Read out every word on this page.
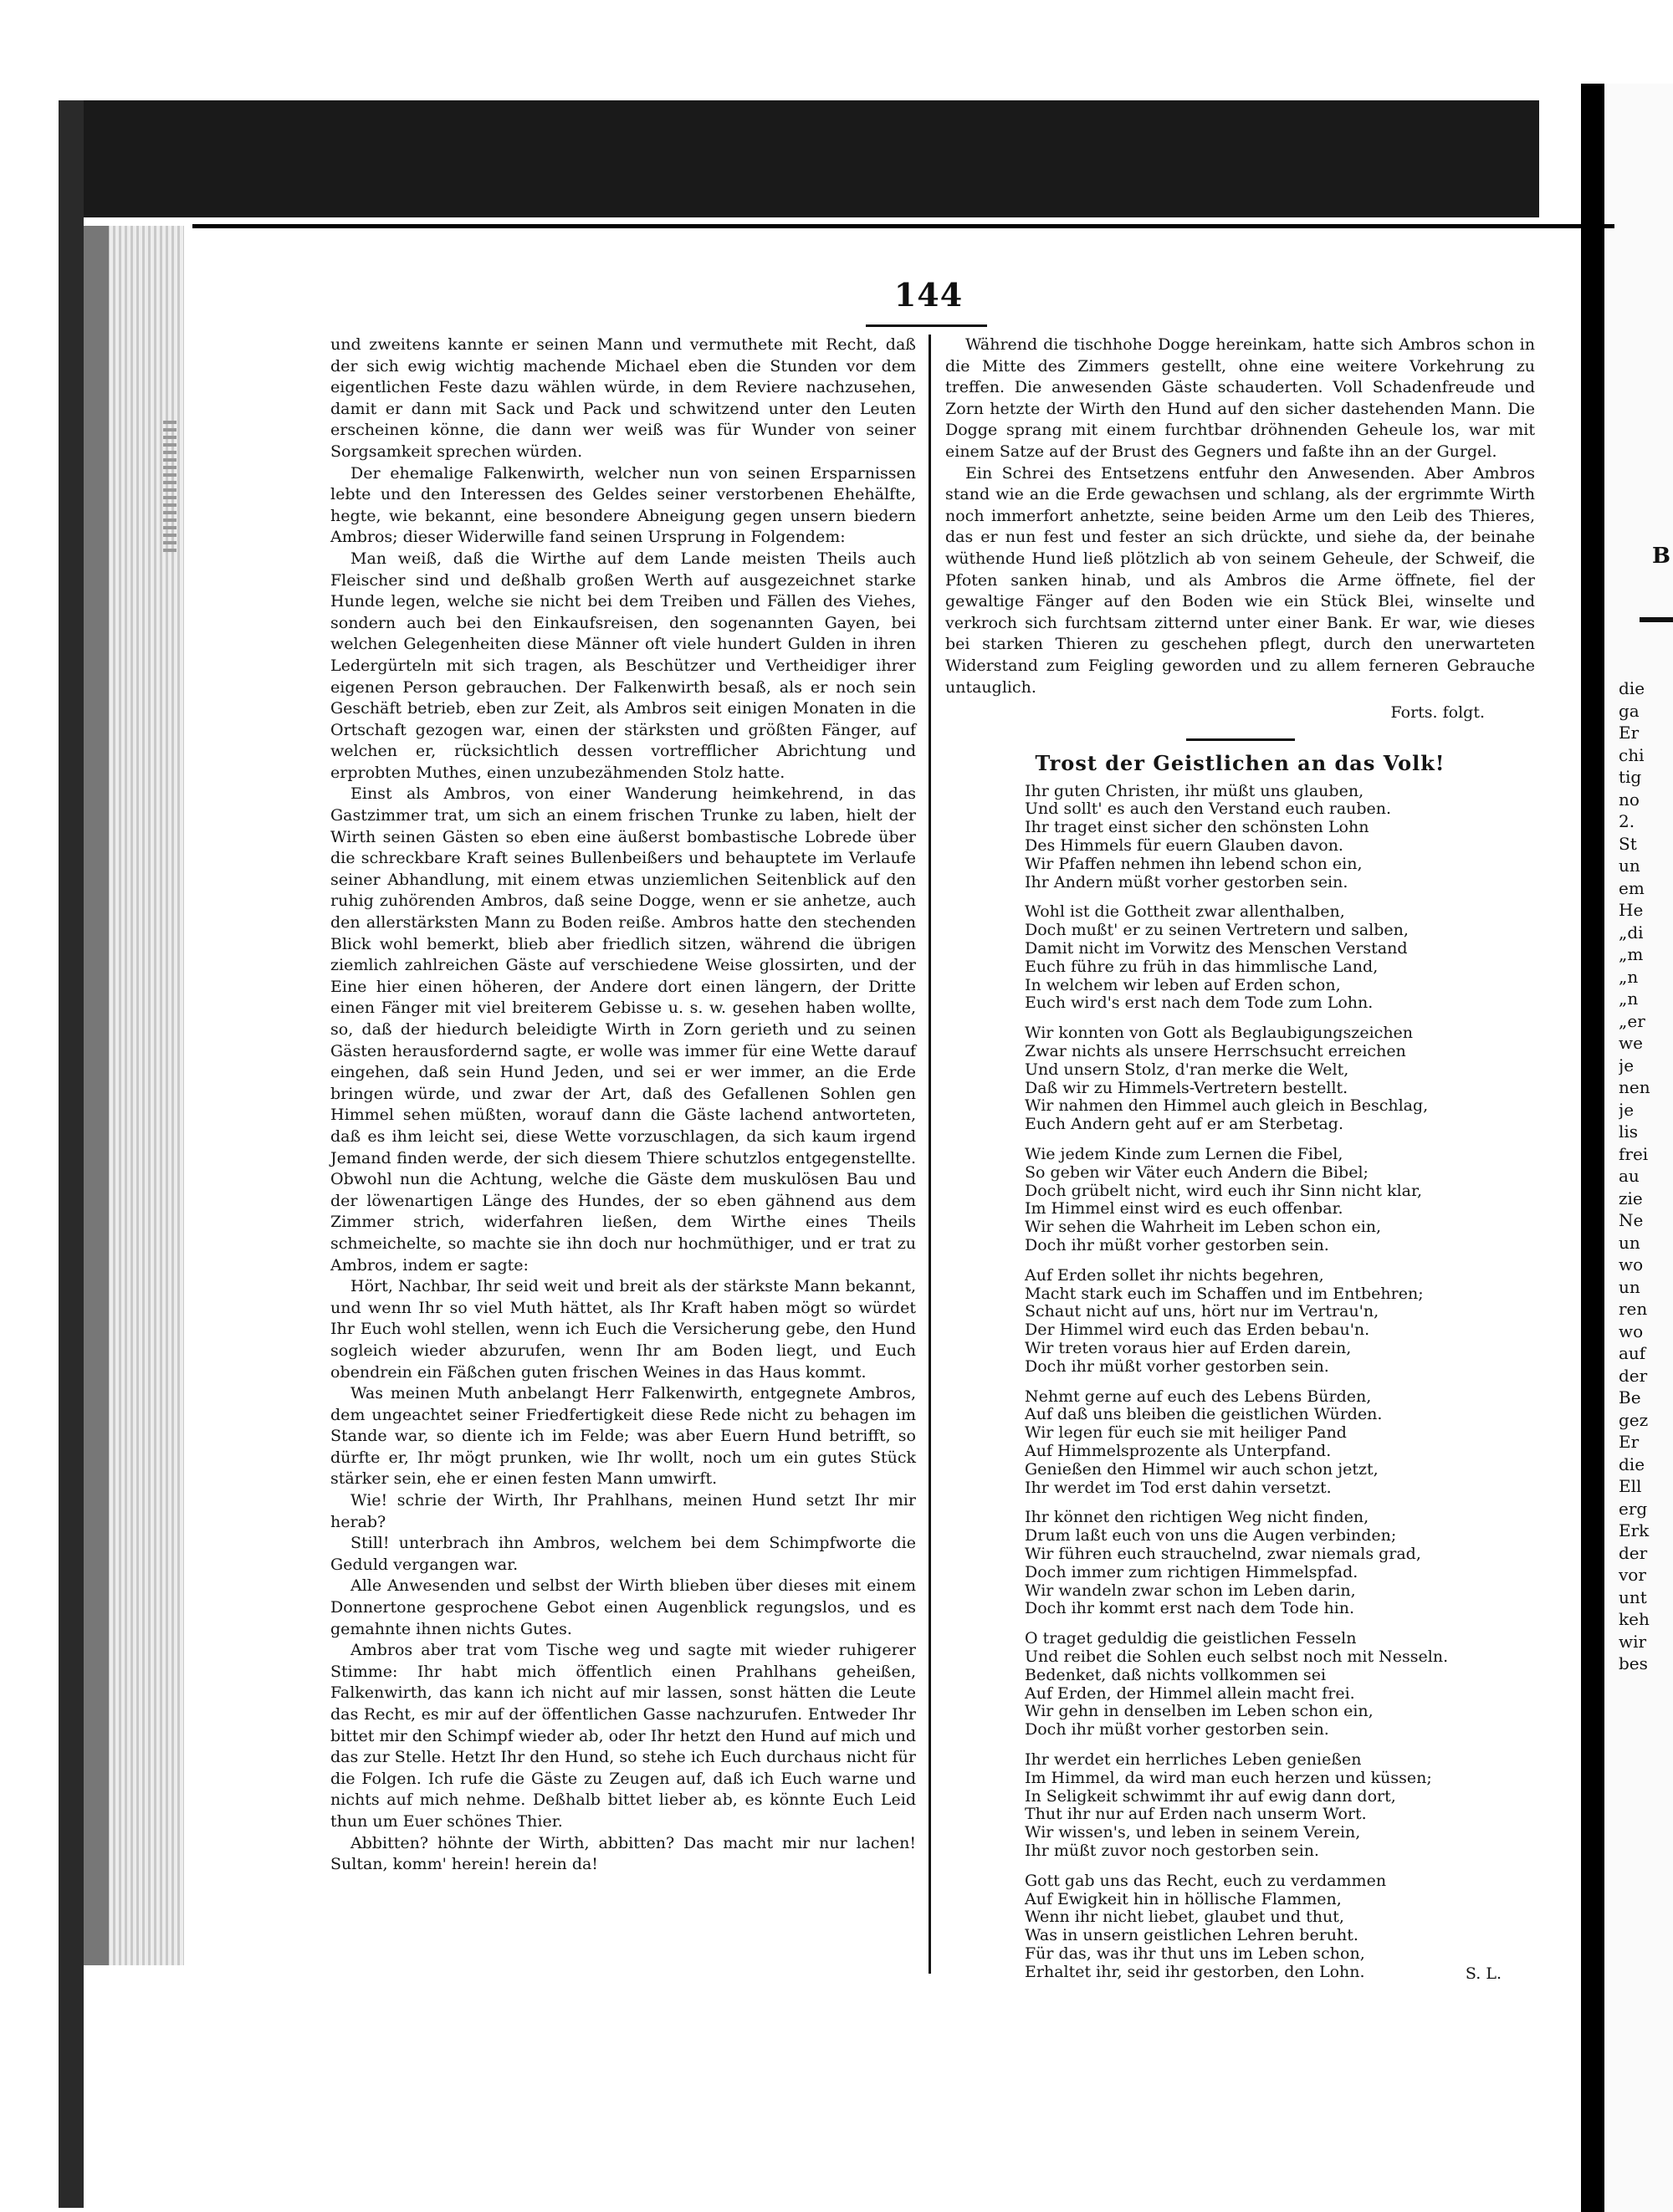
144

und zweitens kannte er seinen Mann und vermuthete mit Recht, daß der sich ewig wichtig machende Michael eben die Stunden vor dem eigentlichen Feste dazu wählen würde, in dem Reviere nachzusehen, damit er dann mit Sack und Pack und schwitzend unter den Leuten erscheinen könne, die dann wer weiß was für Wunder von seiner Sorgsamkeit sprechen würden.

Der ehemalige Falkenwirth, welcher nun von seinen Ersparnissen lebte und den Interessen des Geldes seiner verstorbenen Ehehälfte, hegte, wie bekannt, eine besondere Abneigung gegen unsern biedern Ambros; dieser Widerwille fand seinen Ursprung in Folgendem:

Man weiß, daß die Wirthe auf dem Lande meisten Theils auch Fleischer sind und deßhalb großen Werth auf ausgezeichnet starke Hunde legen, welche sie nicht bei dem Treiben und Fällen des Viehes, sondern auch bei den Einkaufsreisen, den sogenannten Gayen, bei welchen Gelegenheiten diese Männer oft viele hundert Gulden in ihren Ledergürteln mit sich tragen, als Beschützer und Vertheidiger ihrer eigenen Person gebrauchen. Der Falkenwirth besaß, als er noch sein Geschäft betrieb, eben zur Zeit, als Ambros seit einigen Monaten in die Ortschaft gezogen war, einen der stärksten und größten Fänger, auf welchen er, rücksichtlich dessen vortrefflicher Abrichtung und erprobten Muthes, einen unzubezähmenden Stolz hatte.

Einst als Ambros, von einer Wanderung heimkehrend, in das Gastzimmer trat, um sich an einem frischen Trunke zu laben, hielt der Wirth seinen Gästen so eben eine äußerst bombastische Lobrede über die schreckbare Kraft seines Bullenbeißers und behauptete im Verlaufe seiner Abhandlung, mit einem etwas unziemlichen Seitenblick auf den ruhig zuhörenden Ambros, daß seine Dogge, wenn er sie anhetze, auch den allerstärksten Mann zu Boden reiße. Ambros hatte den stechenden Blick wohl bemerkt, blieb aber friedlich sitzen, während die übrigen ziemlich zahlreichen Gäste auf verschiedene Weise glossirten, und der Eine hier einen höheren, der Andere dort einen längern, der Dritte einen Fänger mit viel breiterem Gebisse u. s. w. gesehen haben wollte, so, daß der hiedurch beleidigte Wirth in Zorn gerieth und zu seinen Gästen herausfordernd sagte, er wolle was immer für eine Wette darauf eingehen, daß sein Hund Jeden, und sei er wer immer, an die Erde bringen würde, und zwar der Art, daß des Gefallenen Sohlen gen Himmel sehen müßten, worauf dann die Gäste lachend antworteten, daß es ihm leicht sei, diese Wette vorzuschlagen, da sich kaum irgend Jemand finden werde, der sich diesem Thiere schutzlos entgegenstellte. Obwohl nun die Achtung, welche die Gäste dem muskulösen Bau und der löwenartigen Länge des Hundes, der so eben gähnend aus dem Zimmer strich, widerfahren ließen, dem Wirthe eines Theils schmeichelte, so machte sie ihn doch nur hochmüthiger, und er trat zu Ambros, indem er sagte:

Hört, Nachbar, Ihr seid weit und breit als der stärkste Mann bekannt, und wenn Ihr so viel Muth hättet, als Ihr Kraft haben mögt so würdet Ihr Euch wohl stellen, wenn ich Euch die Versicherung gebe, den Hund sogleich wieder abzurufen, wenn Ihr am Boden liegt, und Euch obendrein ein Fäßchen guten frischen Weines in das Haus kommt.

Was meinen Muth anbelangt Herr Falkenwirth, entgegnete Ambros, dem ungeachtet seiner Friedfertigkeit diese Rede nicht zu behagen im Stande war, so diente ich im Felde; was aber Euern Hund betrifft, so dürfte er, Ihr mögt prunken, wie Ihr wollt, noch um ein gutes Stück stärker sein, ehe er einen festen Mann umwirft.

Wie! schrie der Wirth, Ihr Prahlhans, meinen Hund setzt Ihr mir herab?

Still! unterbrach ihn Ambros, welchem bei dem Schimpfworte die Geduld vergangen war.

Alle Anwesenden und selbst der Wirth blieben über dieses mit einem Donnertone gesprochene Gebot einen Augenblick regungslos, und es gemahnte ihnen nichts Gutes.

Ambros aber trat vom Tische weg und sagte mit wieder ruhigerer Stimme: Ihr habt mich öffentlich einen Prahlhans geheißen, Falkenwirth, das kann ich nicht auf mir lassen, sonst hätten die Leute das Recht, es mir auf der öffentlichen Gasse nachzurufen. Entweder Ihr bittet mir den Schimpf wieder ab, oder Ihr hetzt den Hund auf mich und das zur Stelle. Hetzt Ihr den Hund, so stehe ich Euch durchaus nicht für die Folgen. Ich rufe die Gäste zu Zeugen auf, daß ich Euch warne und nichts auf mich nehme. Deßhalb bittet lieber ab, es könnte Euch Leid thun um Euer schönes Thier.

Abbitten? höhnte der Wirth, abbitten? Das macht mir nur lachen! Sultan, komm' herein! herein da!

Während die tischhohe Dogge hereinkam, hatte sich Ambros schon in die Mitte des Zimmers gestellt, ohne eine weitere Vorkehrung zu treffen. Die anwesenden Gäste schauderten. Voll Schadenfreude und Zorn hetzte der Wirth den Hund auf den sicher dastehenden Mann. Die Dogge sprang mit einem furchtbar dröhnenden Geheule los, war mit einem Satze auf der Brust des Gegners und faßte ihn an der Gurgel.

Ein Schrei des Entsetzens entfuhr den Anwesenden. Aber Ambros stand wie an die Erde gewachsen und schlang, als der ergrimmte Wirth noch immerfort anhetzte, seine beiden Arme um den Leib des Thieres, das er nun fest und fester an sich drückte, und siehe da, der beinahe wüthende Hund ließ plötzlich ab von seinem Geheule, der Schweif, die Pfoten sanken hinab, und als Ambros die Arme öffnete, fiel der gewaltige Fänger auf den Boden wie ein Stück Blei, winselte und verkroch sich furchtsam zitternd unter einer Bank. Er war, wie dieses bei starken Thieren zu geschehen pflegt, durch den unerwarteten Widerstand zum Feigling geworden und zu allem ferneren Gebrauche untauglich.

Forts. folgt.
Trost der Geistlichen an das Volk!
Ihr guten Christen, ihr müßt uns glauben,
Und sollt' es auch den Verstand euch rauben.
Ihr traget einst sicher den schönsten Lohn
Des Himmels für euern Glauben davon.
Wir Pfaffen nehmen ihn lebend schon ein,
Ihr Andern müßt vorher gestorben sein.
Wohl ist die Gottheit zwar allenthalben,
Doch mußt' er zu seinen Vertretern und salben,
Damit nicht im Vorwitz des Menschen Verstand
Euch führe zu früh in das himmlische Land,
In welchem wir leben auf Erden schon,
Euch wird's erst nach dem Tode zum Lohn.
Wir konnten von Gott als Beglaubigungszeichen
Zwar nichts als unsere Herrschsucht erreichen
Und unsern Stolz, d'ran merke die Welt,
Daß wir zu Himmels-Vertretern bestellt.
Wir nahmen den Himmel auch gleich in Beschlag,
Euch Andern geht auf er am Sterbetag.
Wie jedem Kinde zum Lernen die Fibel,
So geben wir Väter euch Andern die Bibel;
Doch grübelt nicht, wird euch ihr Sinn nicht klar,
Im Himmel einst wird es euch offenbar.
Wir sehen die Wahrheit im Leben schon ein,
Doch ihr müßt vorher gestorben sein.
Auf Erden sollet ihr nichts begehren,
Macht stark euch im Schaffen und im Entbehren;
Schaut nicht auf uns, hört nur im Vertrau'n,
Der Himmel wird euch das Erden bebau'n.
Wir treten voraus hier auf Erden darein,
Doch ihr müßt vorher gestorben sein.
Nehmt gerne auf euch des Lebens Bürden,
Auf daß uns bleiben die geistlichen Würden.
Wir legen für euch sie mit heiliger Pand
Auf Himmelsprozente als Unterpfand.
Genießen den Himmel wir auch schon jetzt,
Ihr werdet im Tod erst dahin versetzt.
Ihr könnet den richtigen Weg nicht finden,
Drum laßt euch von uns die Augen verbinden;
Wir führen euch strauchelnd, zwar niemals grad,
Doch immer zum richtigen Himmelspfad.
Wir wandeln zwar schon im Leben darin,
Doch ihr kommt erst nach dem Tode hin.
O traget geduldig die geistlichen Fesseln
Und reibet die Sohlen euch selbst noch mit Nesseln.
Bedenket, daß nichts vollkommen sei
Auf Erden, der Himmel allein macht frei.
Wir gehn in denselben im Leben schon ein,
Doch ihr müßt vorher gestorben sein.
Ihr werdet ein herrliches Leben genießen
Im Himmel, da wird man euch herzen und küssen;
In Seligkeit schwimmt ihr auf ewig dann dort,
Thut ihr nur auf Erden nach unserm Wort.
Wir wissen's, und leben in seinem Verein,
Ihr müßt zuvor noch gestorben sein.
Gott gab uns das Recht, euch zu verdammen
Auf Ewigkeit hin in höllische Flammen,
Wenn ihr nicht liebet, glaubet und thut,
Was in unsern geistlichen Lehren beruht.
Für das, was ihr thut uns im Leben schon,
Erhaltet ihr, seid ihr gestorben, den Lohn.	S. L.
B
die
ga
Er
chi
tig
no
2.
St
un
em
He
„di
„m
„n
„n
„er
we
je
nen
je
lis
frei
au
zie
Ne
un
wo
un
ren
wo
auf
der
Be
gez
Er
die
Ell
erg
Erk
der
vor
unt
keh
wir
bes
